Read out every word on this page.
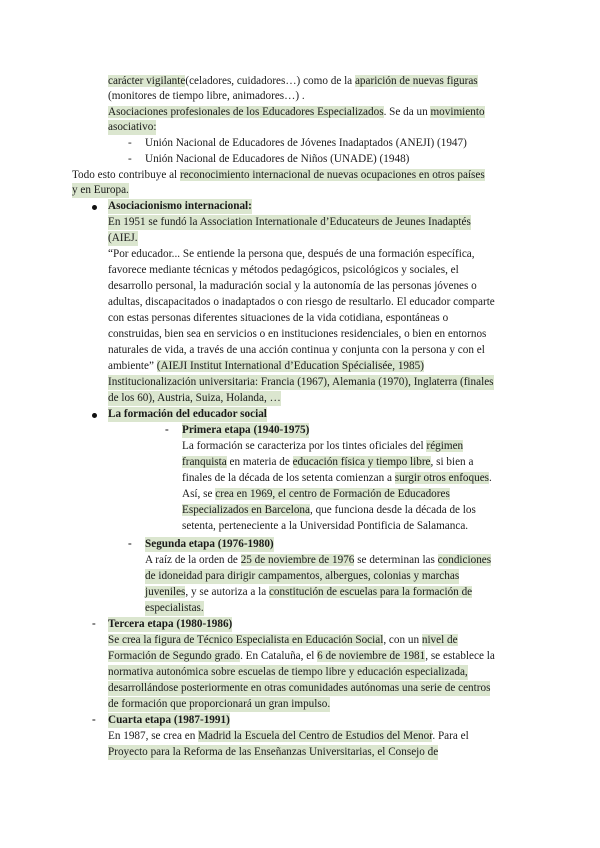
carácter vigilante(celadores, cuidadores…) como de la aparición de nuevas figuras
(monitores de tiempo libre, animadores…) .
Asociaciones profesionales de los Educadores Especializados. Se da un movimiento
asociativo:
- Unión Nacional de Educadores de Jóvenes Inadaptados (ANEJI) (1947)
- Unión Nacional de Educadores de Niños (UNADE) (1948)
Todo esto contribuye al reconocimiento internacional de nuevas ocupaciones en otros países
y en Europa.
Asociacionismo internacional:
En 1951 se fundó la Association Internationale d’Educateurs de Jeunes Inadaptés
(AIEJ.
“Por educador... Se entiende la persona que, después de una formación específica,
favorece mediante técnicas y métodos pedagógicos, psicológicos y sociales, el
desarrollo personal, la maduración social y la autonomía de las personas jóvenes o
adultas, discapacitados o inadaptados o con riesgo de resultarlo. El educador comparte
con estas personas diferentes situaciones de la vida cotidiana, espontáneas o
construidas, bien sea en servicios o en instituciones residenciales, o bien en entornos
naturales de vida, a través de una acción continua y conjunta con la persona y con el
ambiente” (AIEJI Institut International d’Education Spécialisée, 1985)
Institucionalización universitaria: Francia (1967), Alemania (1970), Inglaterra (finales
de los 60), Austria, Suiza, Holanda, …
La formación del educador social
- Primera etapa (1940-1975)
La formación se caracteriza por los tintes oficiales del régimen
franquista en materia de educación física y tiempo libre, si bien a
finales de la década de los setenta comienzan a surgir otros enfoques.
Así, se crea en 1969, el centro de Formación de Educadores
Especializados en Barcelona, que funciona desde la década de los
setenta, perteneciente a la Universidad Pontificia de Salamanca.
- Segunda etapa (1976-1980)
A raíz de la orden de 25 de noviembre de 1976 se determinan las condiciones
de idoneidad para dirigir campamentos, albergues, colonias y marchas
juveniles, y se autoriza a la constitución de escuelas para la formación de
especialistas.
- Tercera etapa (1980-1986)
Se crea la figura de Técnico Especialista en Educación Social, con un nivel de
Formación de Segundo grado. En Cataluña, el 6 de noviembre de 1981, se establece la
normativa autonómica sobre escuelas de tiempo libre y educación especializada,
desarrollándose posteriormente en otras comunidades autónomas una serie de centros
de formación que proporcionará un gran impulso.
- Cuarta etapa (1987-1991)
En 1987, se crea en Madrid la Escuela del Centro de Estudios del Menor. Para el
Proyecto para la Reforma de las Enseñanzas Universitarias, el Consejo de
